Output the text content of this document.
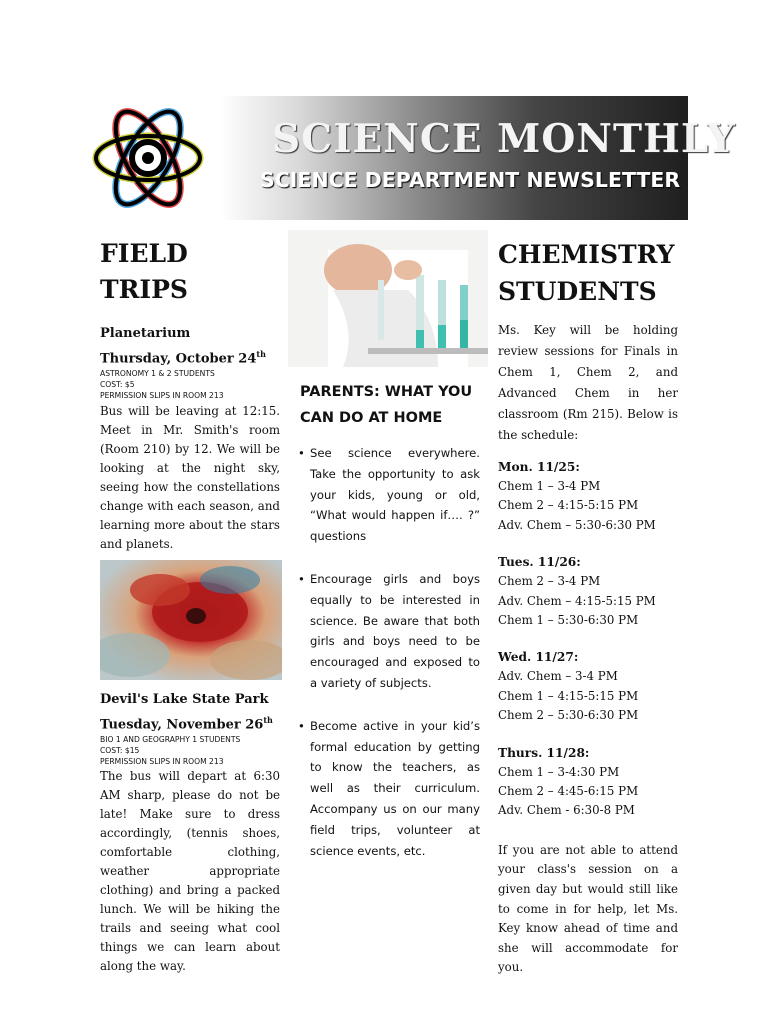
SCIENCE MONTHLY
SCIENCE DEPARTMENT NEWSLETTER
FIELD TRIPS

Planetarium

Thursday, October 24th

ASTRONOMY 1 & 2 STUDENTS

COST: $5

PERMISSION SLIPS IN ROOM 213

Bus will be leaving at 12:15. Meet in Mr. Smith's room (Room 210) by 12. We will be looking at the night sky, seeing how the constellations change with each season, and learning more about the stars and planets.

Devil's Lake State Park

Tuesday, November 26th

BIO 1 AND GEOGRAPHY 1 STUDENTS

COST: $15

PERMISSION SLIPS IN ROOM 213

The bus will depart at 6:30 AM sharp, please do not be late! Make sure to dress accordingly, (tennis shoes, comfortable clothing, weather appropriate clothing) and bring a packed lunch. We will be hiking the trails and seeing what cool things we can learn about along the way.

PARENTS: WHAT YOU CAN DO AT HOME
• See science everywhere. Take the opportunity to ask your kids, young or old, “What would happen if…. ?” questions
• Encourage girls and boys equally to be interested in science. Be aware that both girls and boys need to be encouraged and exposed to a variety of subjects.
• Become active in your kid’s formal education by getting to know the teachers, as well as their curriculum. Accompany us on our many field trips, volunteer at science events, etc.
CHEMISTRY STUDENTS

Ms. Key will be holding review sessions for Finals in Chem 1, Chem 2, and Advanced Chem in her classroom (Rm 215). Below is the schedule:

Mon. 11/25:

Chem 1 – 3-4 PM

Chem 2 – 4:15-5:15 PM

Adv. Chem – 5:30-6:30 PM

Tues. 11/26:

Chem 2 – 3-4 PM

Adv. Chem – 4:15-5:15 PM

Chem 1 – 5:30-6:30 PM

Wed. 11/27:

Adv. Chem – 3-4 PM

Chem 1 – 4:15-5:15 PM

Chem 2 – 5:30-6:30 PM

Thurs. 11/28:

Chem 1 – 3-4:30 PM

Chem 2 – 4:45-6:15 PM

Adv. Chem - 6:30-8 PM

If you are not able to attend your class's session on a given day but would still like to come in for help, let Ms. Key know ahead of time and she will accommodate for you.
